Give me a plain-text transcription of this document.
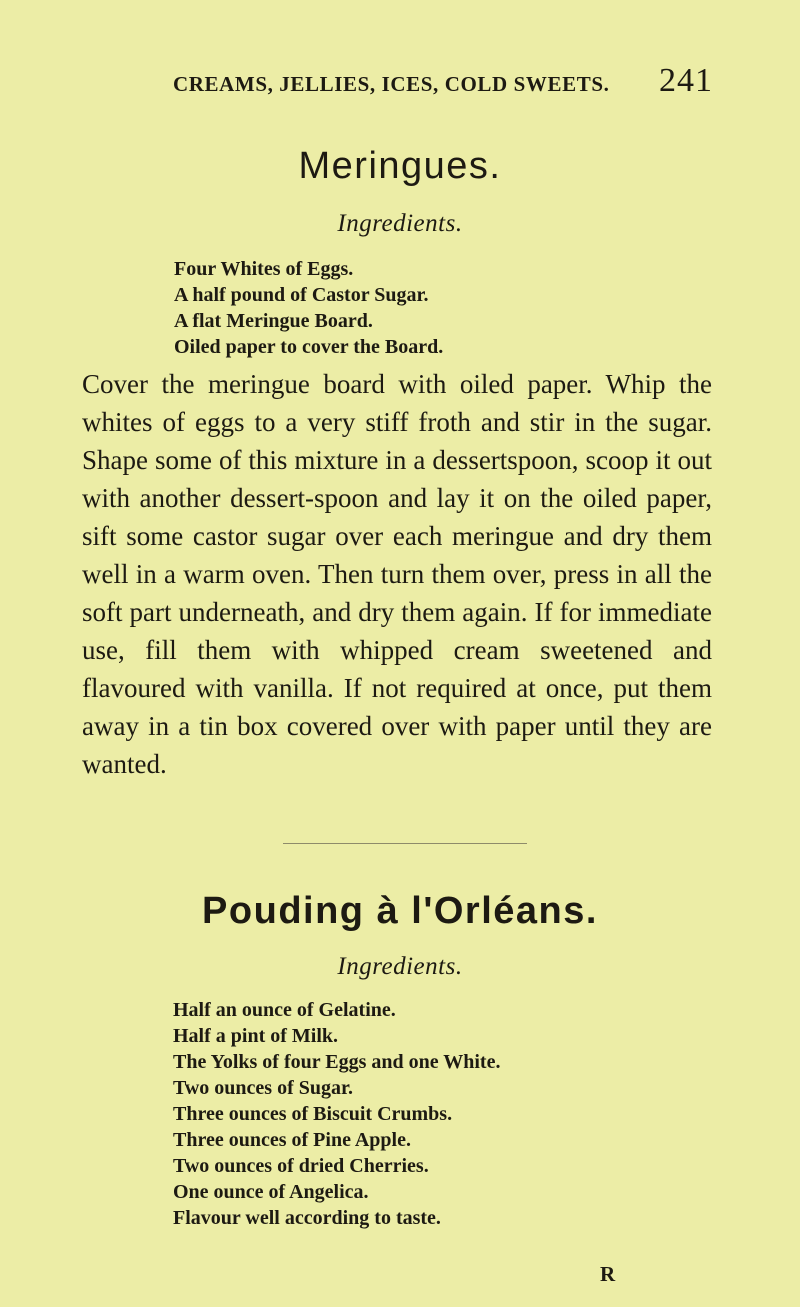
CREAMS, JELLIES, ICES, COLD SWEETS. 241
Meringues.
Ingredients.
Four Whites of Eggs.
A half pound of Castor Sugar.
A flat Meringue Board.
Oiled paper to cover the Board.

Cover the meringue board with oiled paper. Whip the whites of eggs to a very stiff froth and stir in the sugar. Shape some of this mixture in a dessertspoon, scoop it out with another dessert-spoon and lay it on the oiled paper, sift some castor sugar over each meringue and dry them well in a warm oven. Then turn them over, press in all the soft part underneath, and dry them again. If for immediate use, fill them with whipped cream sweetened and flavoured with vanilla. If not required at once, put them away in a tin box covered over with paper until they are wanted.

Pouding à l'Orléans.
Ingredients.
Half an ounce of Gelatine.
Half a pint of Milk.
The Yolks of four Eggs and one White.
Two ounces of Sugar.
Three ounces of Biscuit Crumbs.
Three ounces of Pine Apple.
Two ounces of dried Cherries.
One ounce of Angelica.
Flavour well according to taste.
R
